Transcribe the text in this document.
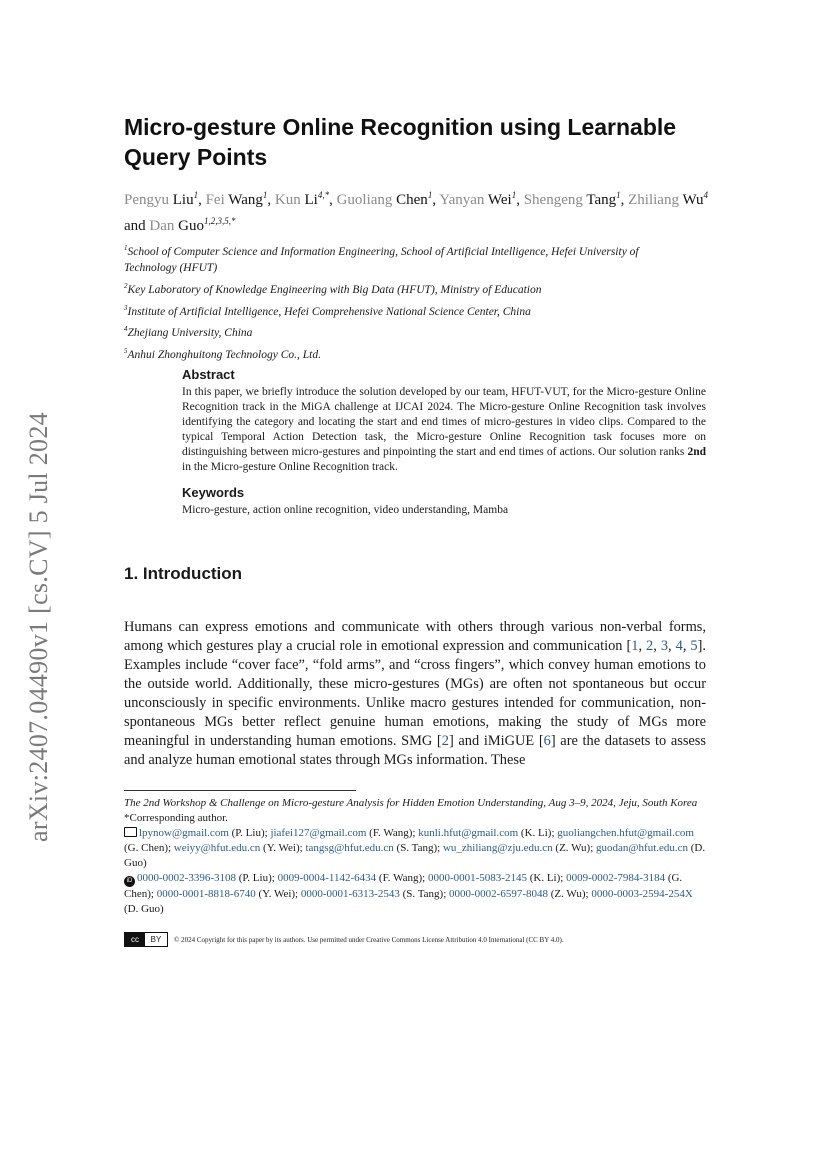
arXiv:2407.04490v1 [cs.CV] 5 Jul 2024
Micro-gesture Online Recognition using Learnable Query Points
Pengyu Liu$^1$, Fei Wang$^1$, Kun $Li^{4,*}$, Guoliang Chen$^1$, Yanyan Wei$^1$, Shengeng Tang$^1$, Zhiliang Wu$^4$ and Dan Guo$^{1,2,3,5,*}$
$^1$School of Computer Science and Information Engineering, School of Artificial Intelligence, Hefei University of Technology (HFUT)
$^2$Key Laboratory of Knowledge Engineering with Big Data (HFUT), Ministry of Education
$^3$Institute of Artificial Intelligence, Hefei Comprehensive National Science Center, China
$^4$Zhejiang University, China
$^5$Anhui Zhonghuitong Technology Co., Ltd.
Abstract

In this paper, we briefly introduce the solution developed by our team, HFUT-VUT, for the Micro-gesture Online Recognition track in the MiGA challenge at IJCAI 2024. The Micro-gesture Online Recognition task involves identifying the category and locating the start and end times of micro-gestures in video clips. Compared to the typical Temporal Action Detection task, the Micro-gesture Online Recognition task focuses more on distinguishing between micro-gestures and pinpointing the start and end times of actions. Our solution ranks 2nd in the Micro-gesture Online Recognition track.

Keywords

Micro-gesture, action online recognition, video understanding, Mamba

1. Introduction

Humans can express emotions and communicate with others through various non-verbal forms, among which gestures play a crucial role in emotional expression and communication [1, 2, 3, 4, 5]. Examples include “cover face”, “fold arms”, and “cross fingers”, which convey human emotions to the outside world. Additionally, these micro-gestures (MGs) are often not spontaneous but occur unconsciously in specific environments. Unlike macro gestures intended for communication, non-spontaneous MGs better reflect genuine human emotions, making the study of MGs more meaningful in understanding human emotions. SMG [2] and iMiGUE [6] are the datasets to assess and analyze human emotional states through MGs information. These

The 2nd Workshop & Challenge on Micro-gesture Analysis for Hidden Emotion Understanding, Aug 3–9, 2024, Jeju, South Korea

*Corresponding author.

lpynow@gmail.com (P. Liu); jiafei127@gmail.com (F. Wang); kunli.hfut@gmail.com (K. Li); guoliangchen.hfut@gmail.com (G. Chen); weiyy@hfut.edu.cn (Y. Wei); tangsg@hfut.edu.cn (S. Tang); wu_zhiliang@zju.edu.cn (Z. Wu); guodan@hfut.edu.cn (D. Guo)

iD 0000-0002-3396-3108 (P. Liu); 0009-0004-1142-6434 (F. Wang); 0000-0001-5083-2145 (K. Li); 0009-0002-7984-3184 (G. Chen); 0000-0001-8818-6740 (Y. Wei); 0000-0001-6313-2543 (S. Tang); 0000-0002-6597-8048 (Z. Wu); 0000-0003-2594-254X (D. Guo)

cc	BY	© 2024 Copyright for this paper by its authors. Use permitted under Creative Commons License Attribution 4.0 International (CC BY 4.0).
